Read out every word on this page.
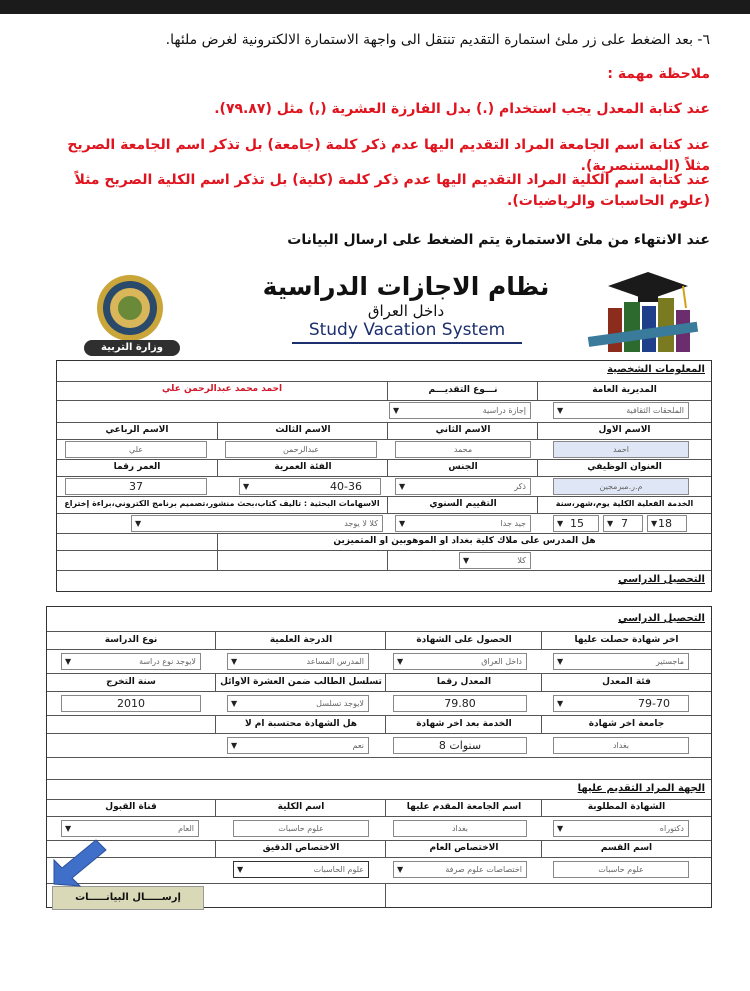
٦- بعد الضغط على زر ملئ استمارة التقديم تنتقل الى واجهة الاستمارة الالكترونية لغرض ملئها.
ملاحظة مهمة :
عند كتابة المعدل يجب استخدام (.) بدل الفارزة العشرية (,) مثل (٧٩.٨٧).
عند كتابة اسم الجامعة المراد التقديم اليها عدم ذكر كلمة (جامعة) بل تذكر اسم الجامعة الصريح مثلاً (المستنصرية).
عند كتابة اسم الكلية المراد التقديم اليها عدم ذكر كلمة (كلية) بل تذكر اسم الكلية الصريح مثلاً (علوم الحاسبات والرياضيات).
عند الانتهاء من ملئ الاستمارة يتم الضغط على ارسال البيانات
وزارة التربية
نظام الاجازات الدراسية
داخل العراق
Study Vacation System
المعلومات الشخصية
المديرية العامة
نـــوع التقديـــم
احمد محمد عبدالرحمن علي
الملحقات الثقافية
▼
إجازة دراسية
▼
الاسم الاول
الاسم الثاني
الاسم الثالث
الاسم الرباعي
احمد
محمد
عبدالرحمن
علي
العنوان الوظيفي
الجنس
الفئة العمرية
العمر رقما
م.ر.مبرمجين
ذكر
▼
40-36
▼
37
الخدمة الفعلية الكلية يوم،شهر،سنة
التقييم السنوي
الاسهامات البحثية : تاليف كتاب،بحث منشور،تصميم برنامج الكتروني،براءة إختراع
18
▼
7
▼
15
▼
جيد جدا
▼
كلا لا يوجد
▼
هل المدرس على ملاك كلية بغداد او الموهوبين او المتميزين
كلا
▼
التحصيل الدراسي
التحصيل الدراسي
اخر شهادة حصلت عليها
الحصول على الشهادة
الدرجة العلمية
نوع الدراسة
ماجستير
▼
داخل العراق
▼
المدرس المساعد
▼
لايوجد نوع دراسة
▼
فئة المعدل
المعدل رقما
تسلسل الطالب ضمن العشرة الأوائل
سنة التخرج
79-70
▼
79.80
لايوجد تسلسل
▼
2010
جامعة اخر شهادة
الخدمة بعد اخر شهادة
هل الشهادة محتسبة ام لا
بغداد
سنوات 8
نعم
▼
الجهة المراد التقديم عليها
الشهادة المطلوبة
اسم الجامعة المقدم عليها
اسم الكلية
قناة القبول
دكتوراه
▼
بغداد
علوم حاسبات
العام
▼
اسم القسم
الاختصاص العام
الاختصاص الدقيق
علوم حاسبات
اختصاصات علوم صرفة
▼
علوم الحاسبات
▼
إرســـــال البيانـــــات
